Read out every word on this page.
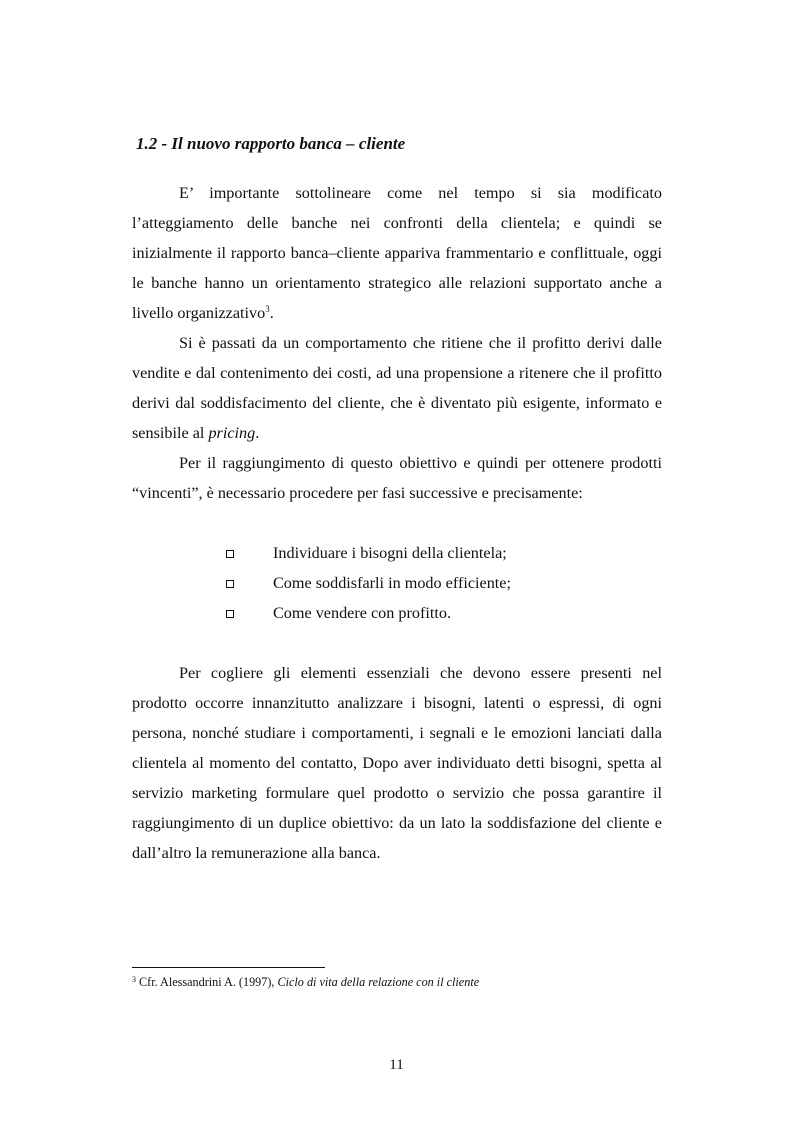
1.2 - Il nuovo rapporto banca – cliente

E’ importante sottolineare come nel tempo si sia modificato l’atteggiamento delle banche nei confronti della clientela; e quindi se inizialmente il rapporto banca–cliente appariva frammentario e conflittuale, oggi le banche hanno un orientamento strategico alle relazioni supportato anche a livello organizzativo$^3$.

Si è passati da un comportamento che ritiene che il profitto derivi dalle vendite e dal contenimento dei costi, ad una propensione a ritenere che il profitto derivi dal soddisfacimento del cliente, che è diventato più esigente, informato e sensibile al pricing.

Per il raggiungimento di questo obiettivo e quindi per ottenere prodotti “vincenti”, è necessario procedere per fasi successive e precisamente:

Individuare i bisogni della clientela;
Come soddisfarli in modo efficiente;
Come vendere con profitto.

Per cogliere gli elementi essenziali che devono essere presenti nel prodotto occorre innanzitutto analizzare i bisogni, latenti o espressi, di ogni persona, nonché studiare i comportamenti, i segnali e le emozioni lanciati dalla clientela al momento del contatto, Dopo aver individuato detti bisogni, spetta al servizio marketing formulare quel prodotto o servizio che possa garantire il raggiungimento di un duplice obiettivo: da un lato la soddisfazione del cliente e dall’altro la remunerazione alla banca.

$^3$ Cfr. Alessandrini A. (1997), Ciclo di vita della relazione con il cliente

11
